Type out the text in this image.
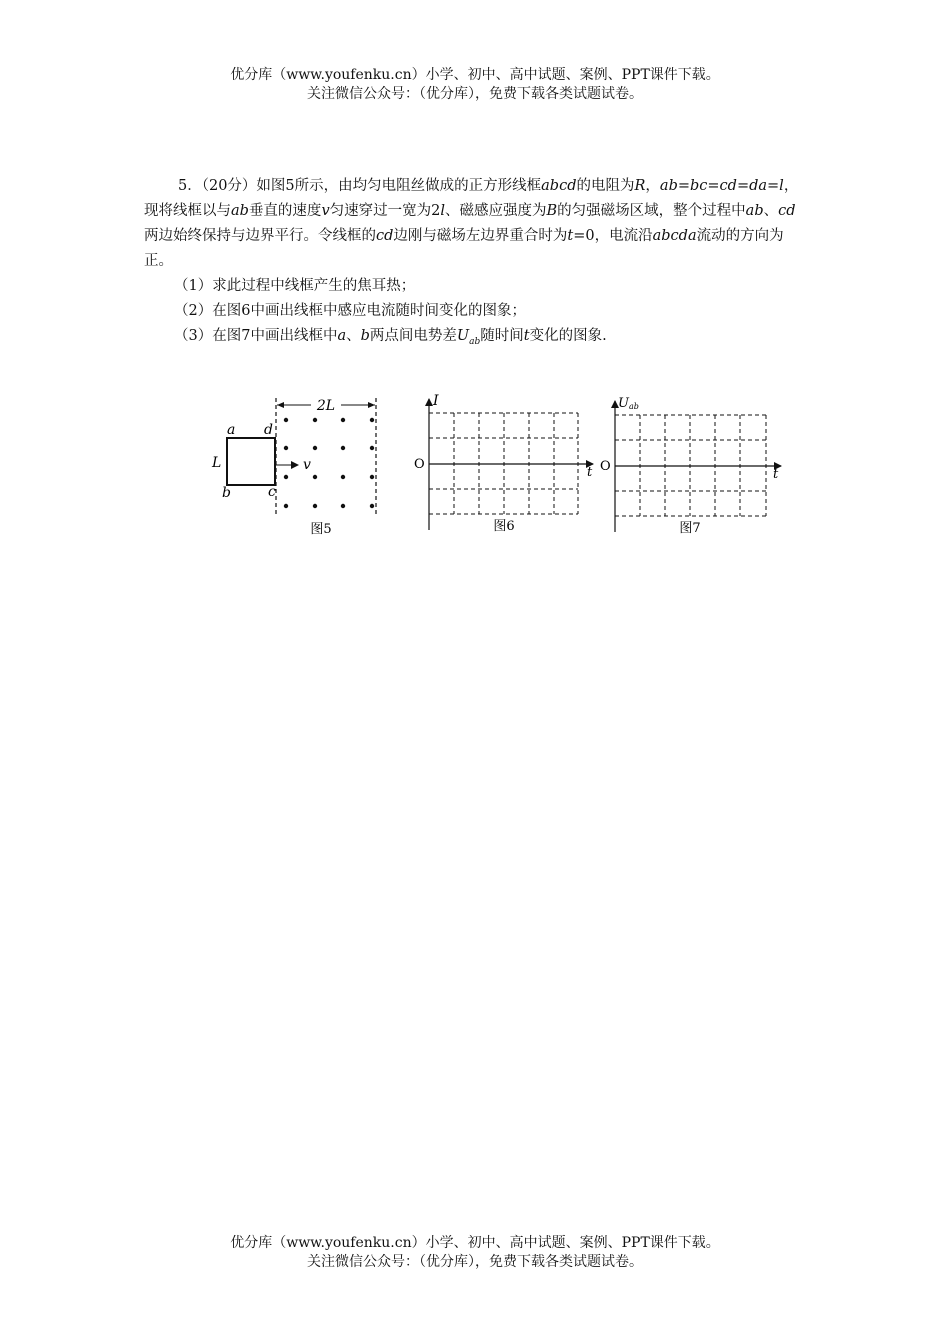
优分库（www.youfenku.cn）小学、初中、高中试题、案例、PPT课件下载。
关注微信公众号：（优分库），免费下载各类试题试卷。

5．（20分）如图5所示，由均匀电阻丝做成的正方形线框abcd的电阻为R，ab=bc=cd=da=l，现将线框以与ab垂直的速度v匀速穿过一宽为2l、磁感应强度为B的匀强磁场区域，整个过程中ab、cd两边始终保持与边界平行。令线框的cd边刚与磁场左边界重合时为t=0，电流沿abcda流动的方向为正。

（1）求此过程中线框产生的焦耳热；

（2）在图6中画出线框中感应电流随时间变化的图象；

（3）在图7中画出线框中a、b两点间电势差$U_{ab}$随时间t变化的图象.

2L
v
a d
b	c
L
图5
I
O
t
图6
Uab
O
t
图7
优分库（www.youfenku.cn）小学、初中、高中试题、案例、PPT课件下载。
关注微信公众号：（优分库），免费下载各类试题试卷。
